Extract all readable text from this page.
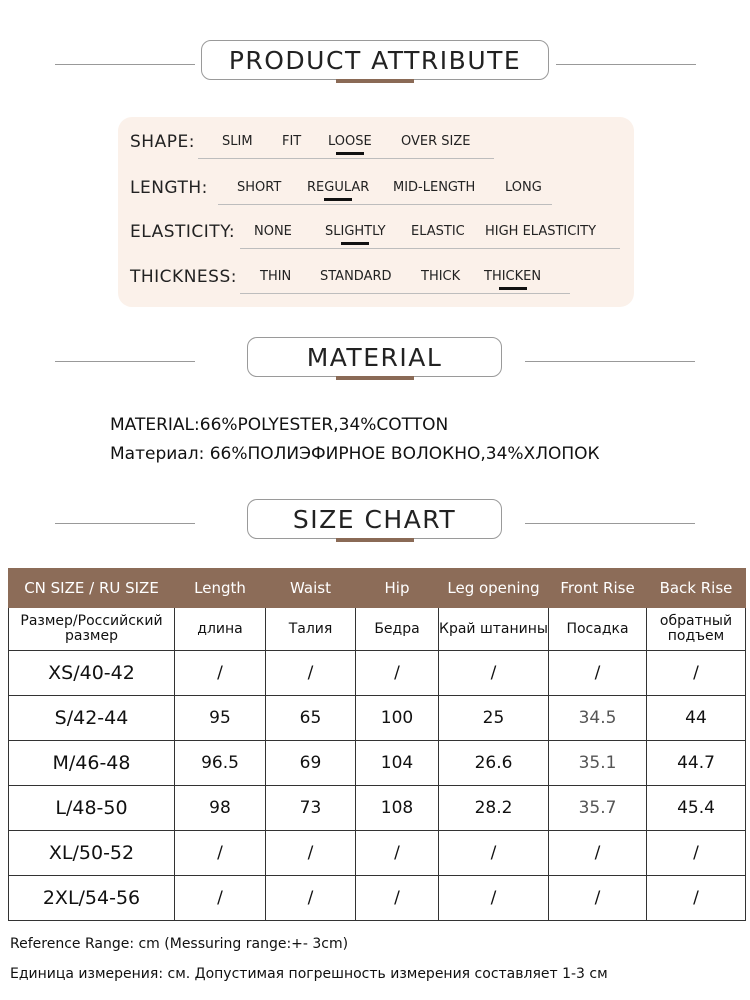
PRODUCT ATTRIBUTE
SHAPE: SLIM FIT LOOSE OVER SIZE
LENGTH: SHORT REGULAR MID-LENGTH LONG
ELASTICITY: NONE	SLIGHTLY ELASTIC HIGH ELASTICITY
THICKNESS: THIN STANDARD THICK THICKEN
MATERIAL
MATERIAL:66%POLYESTER,34%COTTON
Материал: 66%ПОЛИЭФИРНОЕ ВОЛОКНО,34%ХЛОПОК
SIZE CHART
CN SIZE / RU SIZE	Length	Waist	Hip	Leg opening	Front Rise	Back Rise
Размер/Российский размер	длина	Талия	Бедра	Край штанины	Посадка	обратный подъем
XS/40-42	/	/	/	/	/	/
S/42-44	95	65	100	25	34.5	44
M/46-48	96.5	69	104	26.6	35.1	44.7
L/48-50	98	73	108	28.2	35.7	45.4
XL/50-52	/	/	/	/	/	/
2XL/54-56	/	/	/	/	/	/
Reference Range: cm (Messuring range:+- 3cm)
Единица измерения: см. Допустимая погрешность измерения составляет 1-3 см
